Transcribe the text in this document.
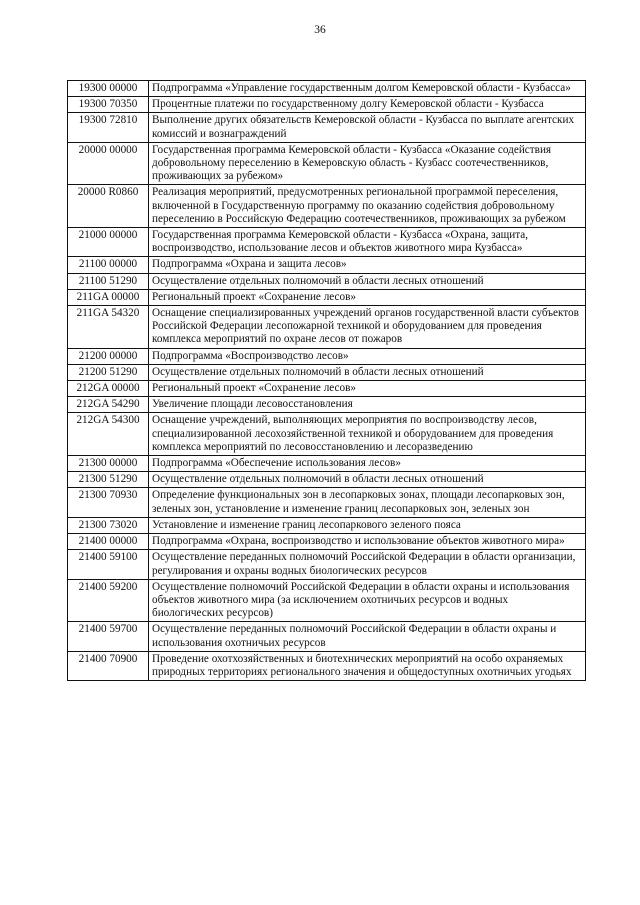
36
19300 00000	Подпрограмма «Управление государственным долгом Кемеровской области - Кузбасса»
19300 70350	Процентные платежи по государственному долгу Кемеровской области - Кузбасса
19300 72810	Выполнение других обязательств Кемеровской области - Кузбасса по выплате агентских комиссий и вознаграждений
20000 00000	Государственная программа Кемеровской области - Кузбасса «Оказание содействия добровольному переселению в Кемеровскую область - Кузбасс соотечественников, проживающих за рубежом»
20000 R0860	Реализация мероприятий, предусмотренных региональной программой переселения, включенной в Государственную программу по оказанию содействия добровольному переселению в Российскую Федерацию соотечественников, проживающих за рубежом
21000 00000	Государственная программа Кемеровской области - Кузбасса «Охрана, защита, воспроизводство, использование лесов и объектов животного мира Кузбасса»
21100 00000	Подпрограмма «Охрана и защита лесов»
21100 51290	Осуществление отдельных полномочий в области лесных отношений
211GA 00000	Региональный проект «Сохранение лесов»
211GA 54320	Оснащение специализированных учреждений органов государственной власти субъектов Российской Федерации лесопожарной техникой и оборудованием для проведения комплекса мероприятий по охране лесов от пожаров
21200 00000	Подпрограмма «Воспроизводство лесов»
21200 51290	Осуществление отдельных полномочий в области лесных отношений
212GA 00000	Региональный проект «Сохранение лесов»
212GA 54290	Увеличение площади лесовосстановления
212GA 54300	Оснащение учреждений, выполняющих мероприятия по воспроизводству лесов, специализированной лесохозяйственной техникой и оборудованием для проведения комплекса мероприятий по лесовосстановлению и лесоразведению
21300 00000	Подпрограмма «Обеспечение использования лесов»
21300 51290	Осуществление отдельных полномочий в области лесных отношений
21300 70930	Определение функциональных зон в лесопарковых зонах, площади лесопарковых зон, зеленых зон, установление и изменение границ лесопарковых зон, зеленых зон
21300 73020	Установление и изменение границ лесопаркового зеленого пояса
21400 00000	Подпрограмма «Охрана, воспроизводство и использование объектов животного мира»
21400 59100	Осуществление переданных полномочий Российской Федерации в области организации, регулирования и охраны водных биологических ресурсов
21400 59200	Осуществление полномочий Российской Федерации в области охраны и использования объектов животного мира (за исключением охотничьих ресурсов и водных биологических ресурсов)
21400 59700	Осуществление переданных полномочий Российской Федерации в области охраны и использования охотничьих ресурсов
21400 70900	Проведение охотхозяйственных и биотехнических мероприятий на особо охраняемых природных территориях регионального значения и общедоступных охотничьих угодьях
